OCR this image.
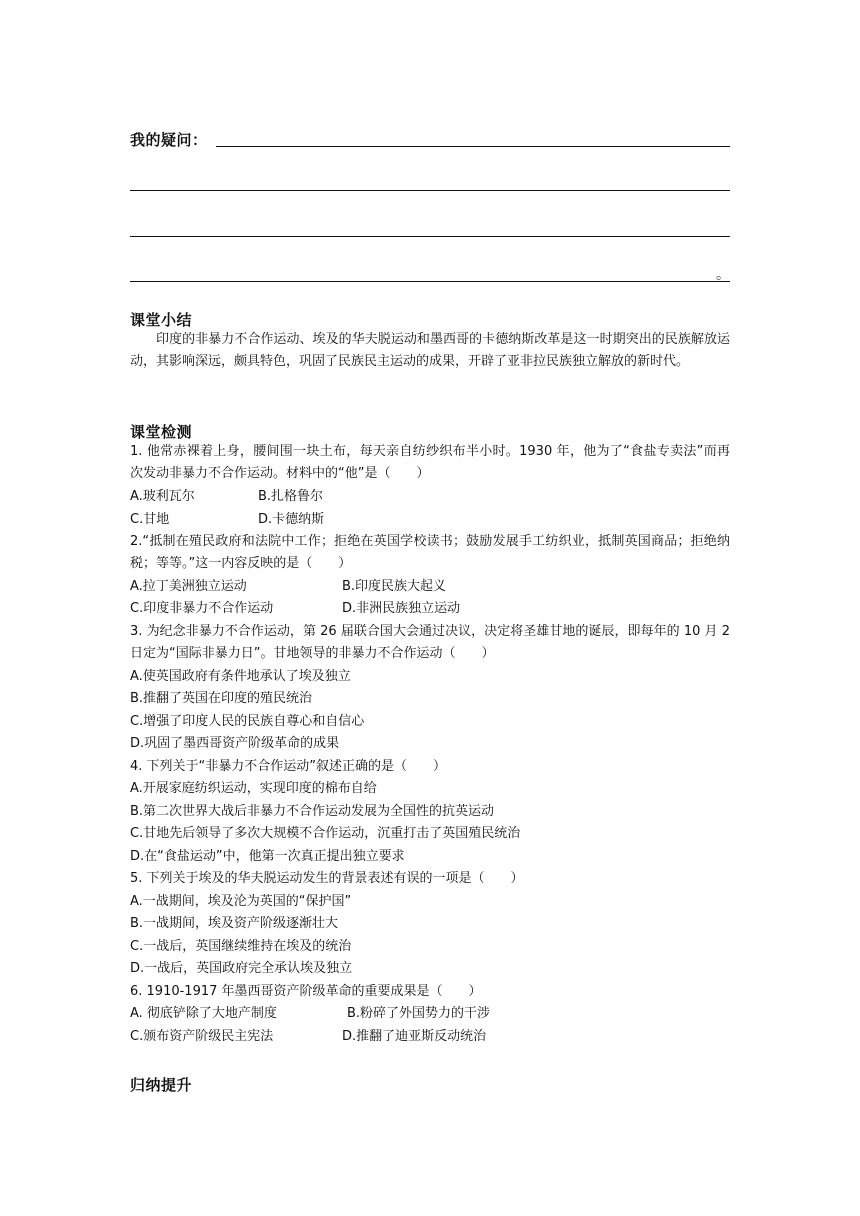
我的疑问：
。
课堂小结
印度的非暴力不合作运动、埃及的华夫脱运动和墨西哥的卡德纳斯改革是这一时期突出的民族解放运动，其影响深远，颇具特色，巩固了民族民主运动的成果，开辟了亚非拉民族独立解放的新时代。
课堂检测
1. 他常赤裸着上身，腰间围一块土布，每天亲自纺纱织布半小时。1930 年，他为了“食盐专卖法”而再次发动非暴力不合作运动。材料中的“他”是（　　）
A.玻利瓦尔	B.扎格鲁尔
C.甘地	D.卡德纳斯
2.“抵制在殖民政府和法院中工作；拒绝在英国学校读书；鼓励发展手工纺织业，抵制英国商品；拒绝纳税；等等。”这一内容反映的是（　　）
A.拉丁美洲独立运动	B.印度民族大起义
C.印度非暴力不合作运动	D.非洲民族独立运动
3. 为纪念非暴力不合作运动，第 26 届联合国大会通过决议，决定将圣雄甘地的诞辰，即每年的 10 月 2 日定为“国际非暴力日”。甘地领导的非暴力不合作运动（　　）
A.使英国政府有条件地承认了埃及独立
B.推翻了英国在印度的殖民统治
C.增强了印度人民的民族自尊心和自信心
D.巩固了墨西哥资产阶级革命的成果
4. 下列关于“非暴力不合作运动”叙述正确的是（　　）
A.开展家庭纺织运动，实现印度的棉布自给
B.第二次世界大战后非暴力不合作运动发展为全国性的抗英运动
C.甘地先后领导了多次大规模不合作运动，沉重打击了英国殖民统治
D.在“食盐运动”中，他第一次真正提出独立要求
5. 下列关于埃及的华夫脱运动发生的背景表述有误的一项是（　　）
A.一战期间，埃及沦为英国的“保护国”
B.一战期间，埃及资产阶级逐渐壮大
C.一战后，英国继续维持在埃及的统治
D.一战后，英国政府完全承认埃及独立
6. 1910-1917 年墨西哥资产阶级革命的重要成果是（　　）
A. 彻底铲除了大地产制度	B.粉碎了外国势力的干涉
C.颁布资产阶级民主宪法	D.推翻了迪亚斯反动统治
归纳提升
